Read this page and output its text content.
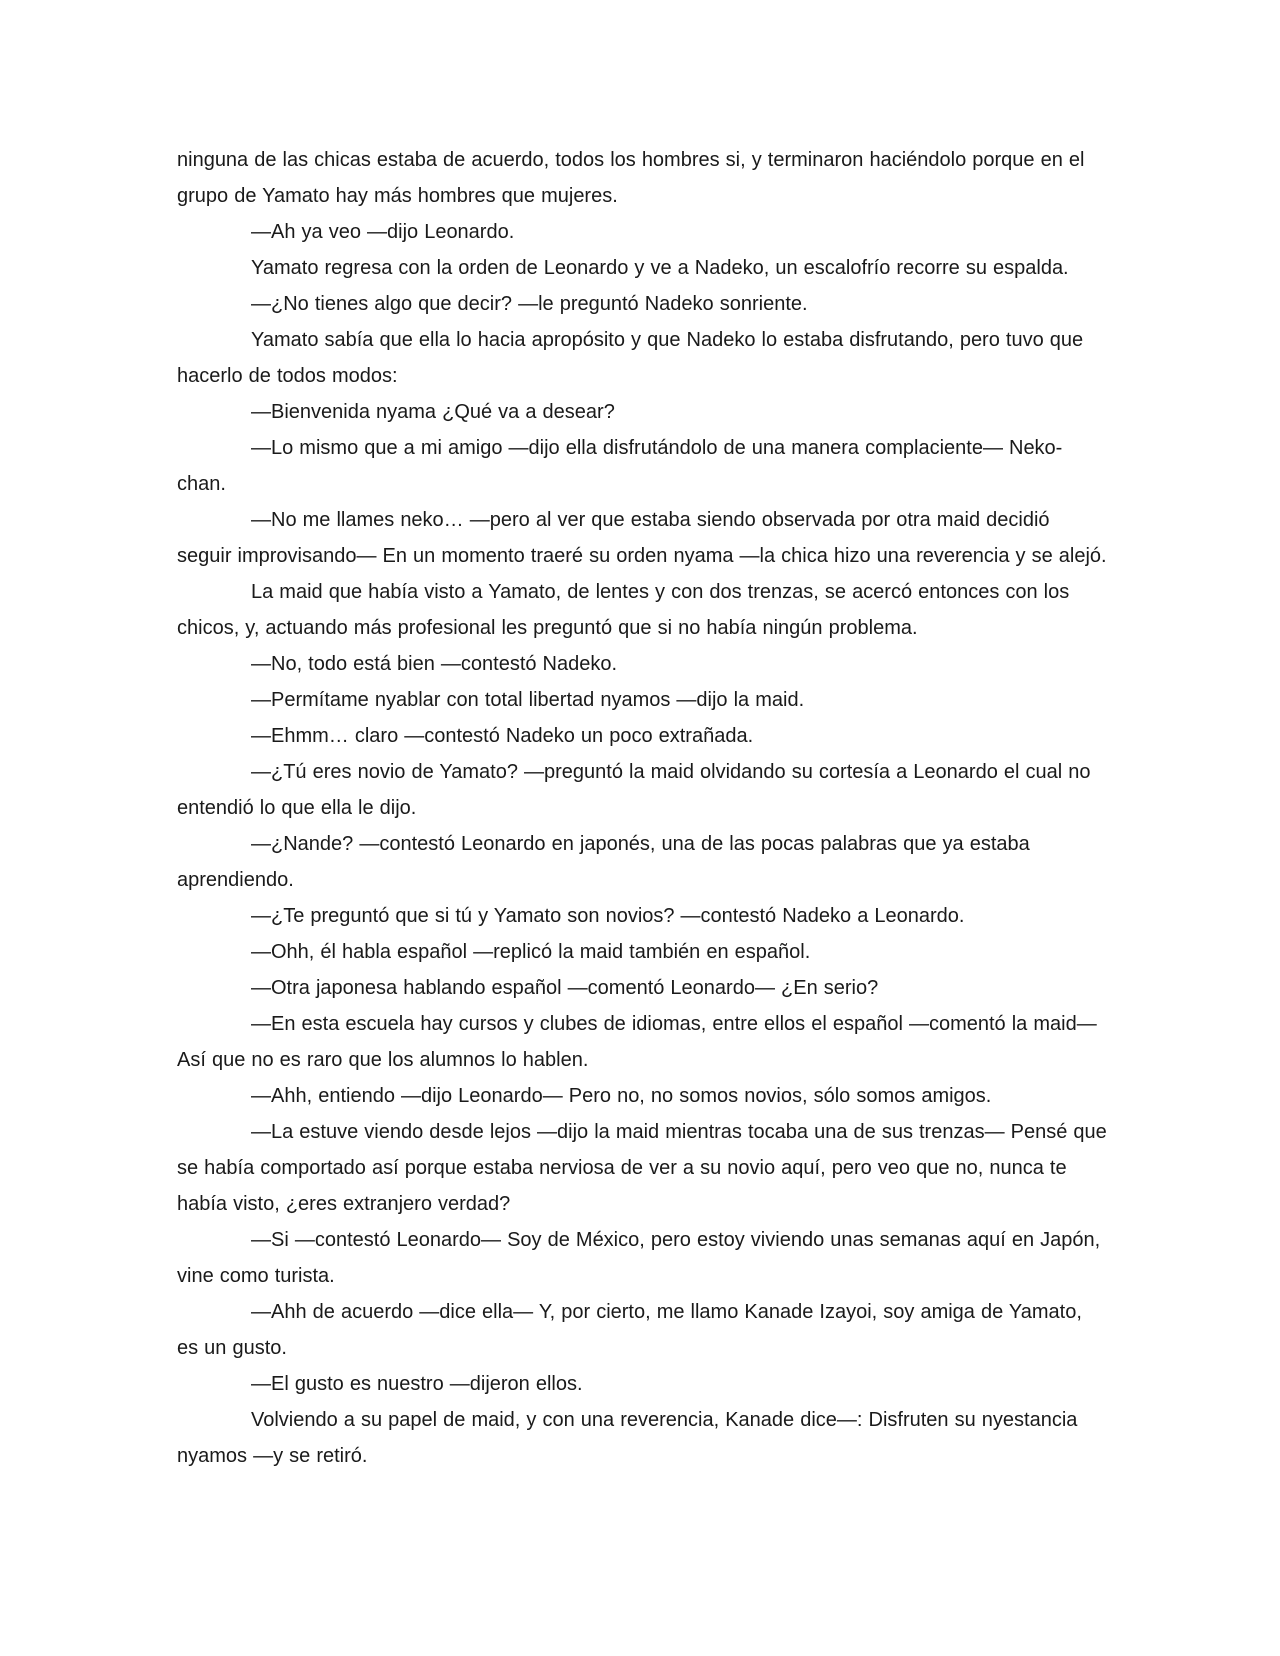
ninguna de las chicas estaba de acuerdo, todos los hombres si, y terminaron haciéndolo porque en el grupo de Yamato hay más hombres que mujeres.

—Ah ya veo —dijo Leonardo.

Yamato regresa con la orden de Leonardo y ve a Nadeko, un escalofrío recorre su espalda.

—¿No tienes algo que decir? —le preguntó Nadeko sonriente.

Yamato sabía que ella lo hacia apropósito y que Nadeko lo estaba disfrutando, pero tuvo que hacerlo de todos modos:

—Bienvenida nyama ¿Qué va a desear?

—Lo mismo que a mi amigo —dijo ella disfrutándolo de una manera complaciente— Neko-chan.

—No me llames neko… —pero al ver que estaba siendo observada por otra maid decidió seguir improvisando— En un momento traeré su orden nyama —la chica hizo una reverencia y se alejó.

La maid que había visto a Yamato, de lentes y con dos trenzas, se acercó entonces con los chicos, y, actuando más profesional les preguntó que si no había ningún problema.

—No, todo está bien —contestó Nadeko.

—Permítame nyablar con total libertad nyamos —dijo la maid.

—Ehmm… claro —contestó Nadeko un poco extrañada.

—¿Tú eres novio de Yamato? —preguntó la maid olvidando su cortesía a Leonardo el cual no entendió lo que ella le dijo.

—¿Nande? —contestó Leonardo en japonés, una de las pocas palabras que ya estaba aprendiendo.

—¿Te preguntó que si tú y Yamato son novios? —contestó Nadeko a Leonardo.

—Ohh, él habla español —replicó la maid también en español.

—Otra japonesa hablando español —comentó Leonardo— ¿En serio?

—En esta escuela hay cursos y clubes de idiomas, entre ellos el español —comentó la maid— Así que no es raro que los alumnos lo hablen.

—Ahh, entiendo —dijo Leonardo— Pero no, no somos novios, sólo somos amigos.

—La estuve viendo desde lejos —dijo la maid mientras tocaba una de sus trenzas— Pensé que se había comportado así porque estaba nerviosa de ver a su novio aquí, pero veo que no, nunca te había visto, ¿eres extranjero verdad?

—Si —contestó Leonardo— Soy de México, pero estoy viviendo unas semanas aquí en Japón, vine como turista.

—Ahh de acuerdo —dice ella— Y, por cierto, me llamo Kanade Izayoi, soy amiga de Yamato, es un gusto.

—El gusto es nuestro —dijeron ellos.

Volviendo a su papel de maid, y con una reverencia, Kanade dice—: Disfruten su nyestancia nyamos —y se retiró.
